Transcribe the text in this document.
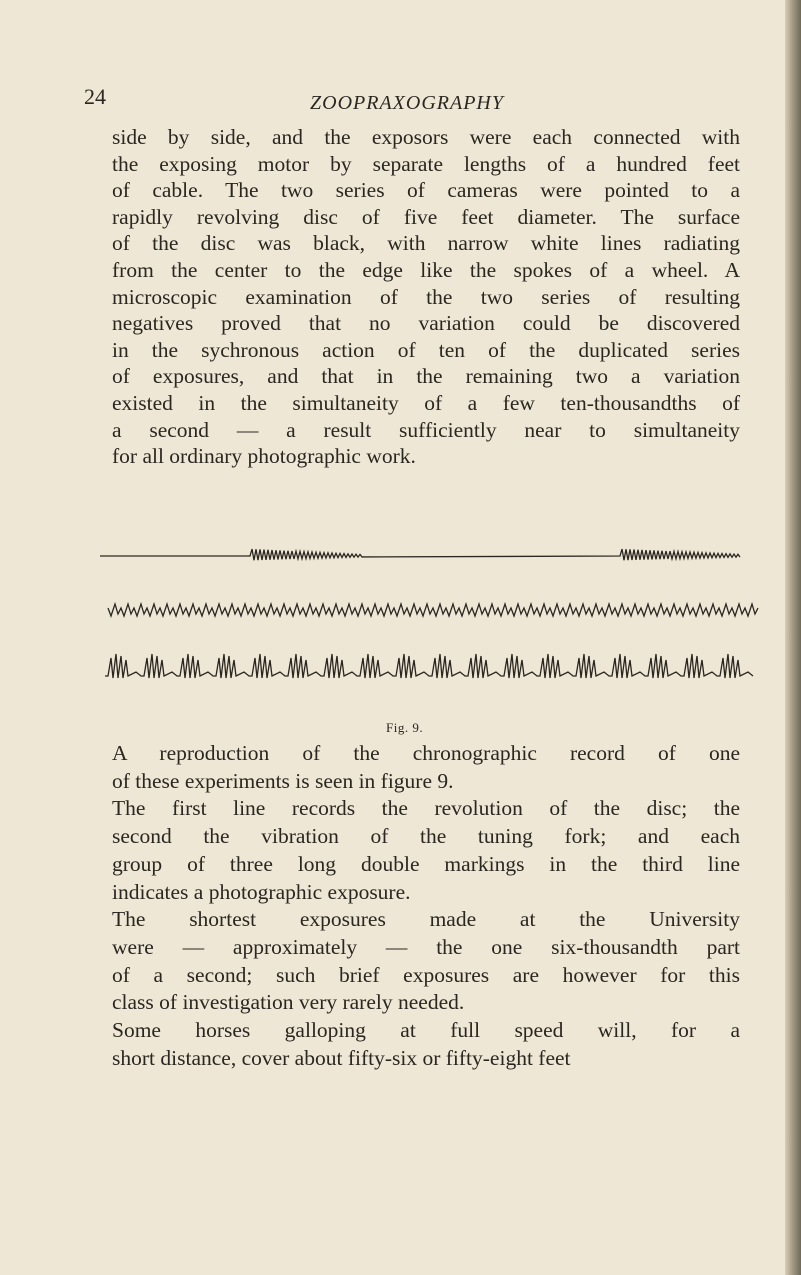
24	ZOOPRAXOGRAPHY

side by side, and the exposors were each connected with

the exposing motor by separate lengths of a hundred feet

of cable. The two series of cameras were pointed to a

rapidly revolving disc of five feet diameter. The surface

of the disc was black, with narrow white lines radiating

from the center to the edge like the spokes of a wheel. A

microscopic examination of the two series of resulting

negatives proved that no variation could be discovered

in the sychronous action of ten of the duplicated series

of exposures, and that in the remaining two a variation

existed in the simultaneity of a few ten-thousandths of

a second — a result sufficiently near to simultaneity

for all ordinary photographic work.

Fig. 9.

A reproduction of the chronographic record of one

of these experiments is seen in figure 9.

The first line records the revolution of the disc; the

second the vibration of the tuning fork; and each

group of three long double markings in the third line

indicates a photographic exposure.

The shortest exposures made at the University

were — approximately — the one six-thousandth part

of a second; such brief exposures are however for this

class of investigation very rarely needed.

Some horses galloping at full speed will, for a

short distance, cover about fifty-six or fifty-eight feet
